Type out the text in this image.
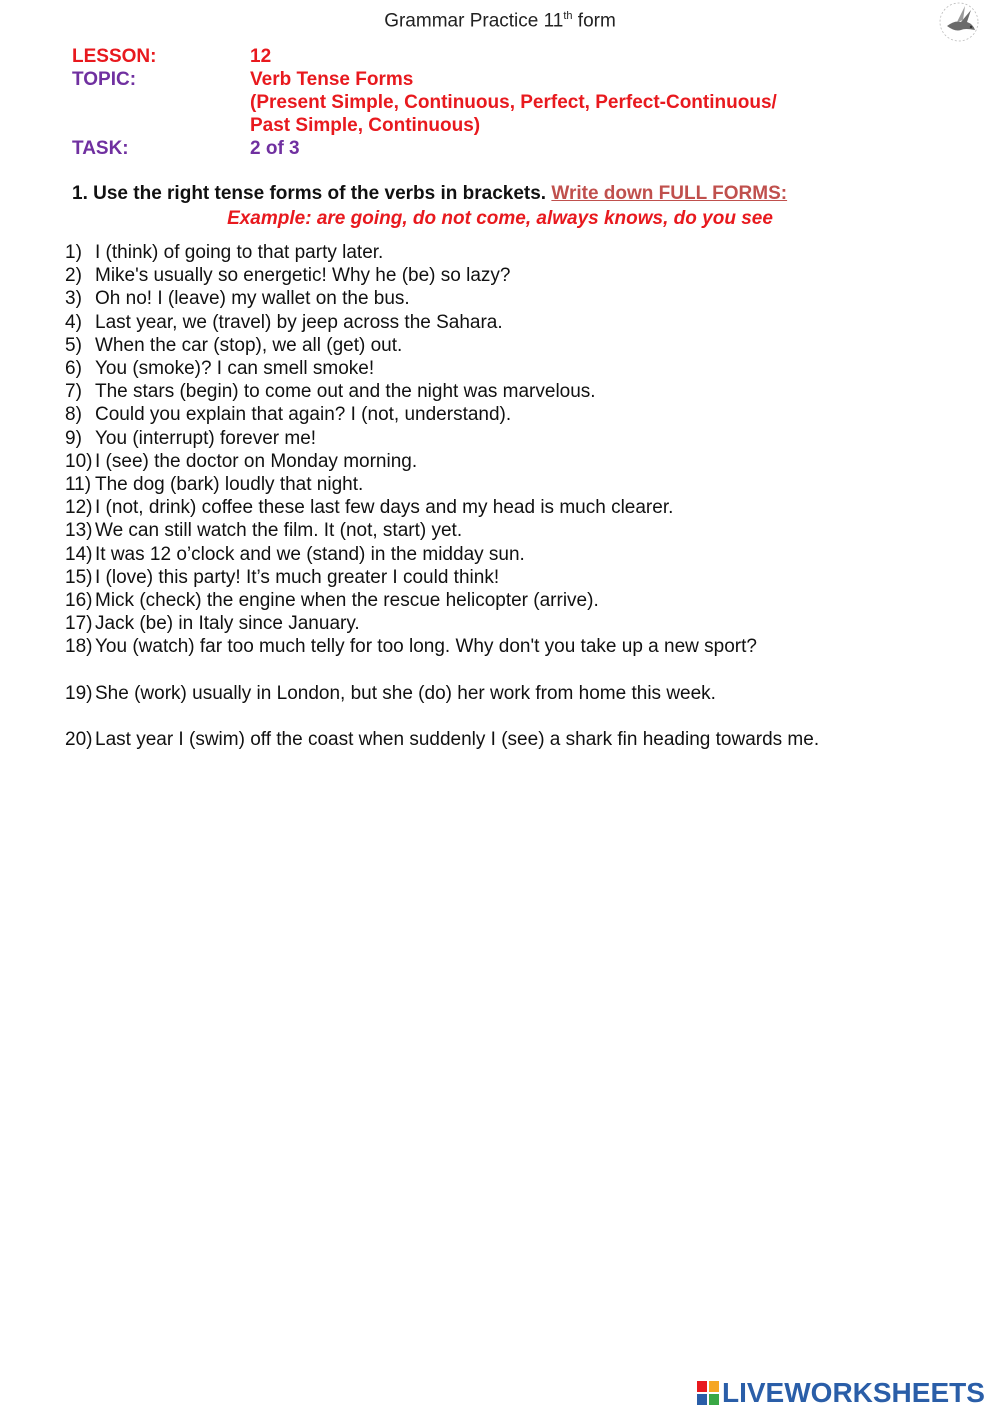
Grammar Practice 11th form
LESSON:	12
TOPIC:	Verb Tense Forms
(Present Simple, Continuous, Perfect, Perfect-Continuous/
Past Simple, Continuous)
TASK:	2 of 3
1. Use the right tense forms of the verbs in brackets. Write down FULL FORMS:
Example: are going, do not come, always knows, do you see
1) I (think) of going to that party later.
2) Mike's usually so energetic! Why he (be) so lazy?
3) Oh no! I (leave) my wallet on the bus.
4) Last year, we (travel) by jeep across the Sahara.
5) When the car (stop), we all (get) out.
6) You (smoke)? I can smell smoke!
7) The stars (begin) to come out and the night was marvelous.
8) Could you explain that again? I (not, understand).
9) You (interrupt) forever me!
10) I (see) the doctor on Monday morning.
11) The dog (bark) loudly that night.
12) I (not, drink) coffee these last few days and my head is much clearer.
13) We can still watch the film. It (not, start) yet.
14) It was 12 o’clock and we (stand) in the midday sun.
15) I (love) this party! It’s much greater I could think!
16) Mick (check) the engine when the rescue helicopter (arrive).
17) Jack (be) in Italy since January.
18) You (watch) far too much telly for too long. Why don't you take up a new sport?
19) She (work) usually in London, but she (do) her work from home this week.
20) Last year I (swim) off the coast when suddenly I (see) a shark fin heading towards me.
LIVEWORKSHEETS
